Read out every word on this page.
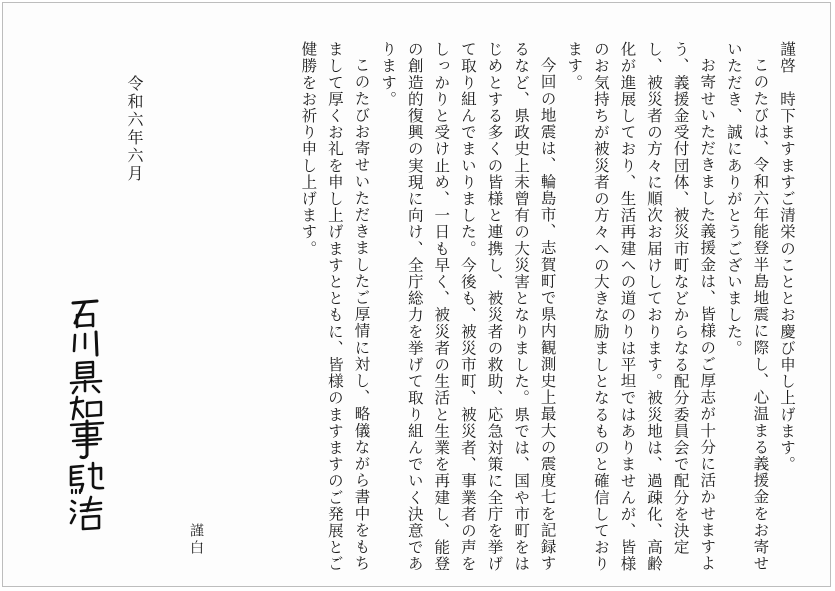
謹啓　時下ますますご清栄のこととお慶び申し上げます。

このたびは、令和六年能登半島地震に際し、心温まる義援金をお寄せいただき、誠にありがとうございました。

お寄せいただきました義援金は、皆様のご厚志が十分に活かせますよう、義援金受付団体、被災市町などからなる配分委員会で配分を決定し、被災者の方々に順次お届けしております。被災地は、過疎化、高齢化が進展しており、生活再建への道のりは平坦ではありませんが、皆様のお気持ちが被災者の方々への大きな励ましとなるものと確信しております。

今回の地震は、輪島市、志賀町で県内観測史上最大の震度七を記録するなど、県政史上未曾有の大災害となりました。県では、国や市町をはじめとする多くの皆様と連携し、被災者の救助、応急対策に全庁を挙げて取り組んでまいりました。今後も、被災市町、被災者、事業者の声をしっかりと受け止め、一日も早く、被災者の生活と生業を再建し、能登の創造的復興の実現に向け、全庁総力を挙げて取り組んでいく決意であります。

このたびお寄せいただきましたご厚情に対し、略儀ながら書中をもちまして厚くお礼を申し上げますとともに、皆様のますますのご発展とご健勝をお祈り申し上げます。

謹白
令和六年六月
